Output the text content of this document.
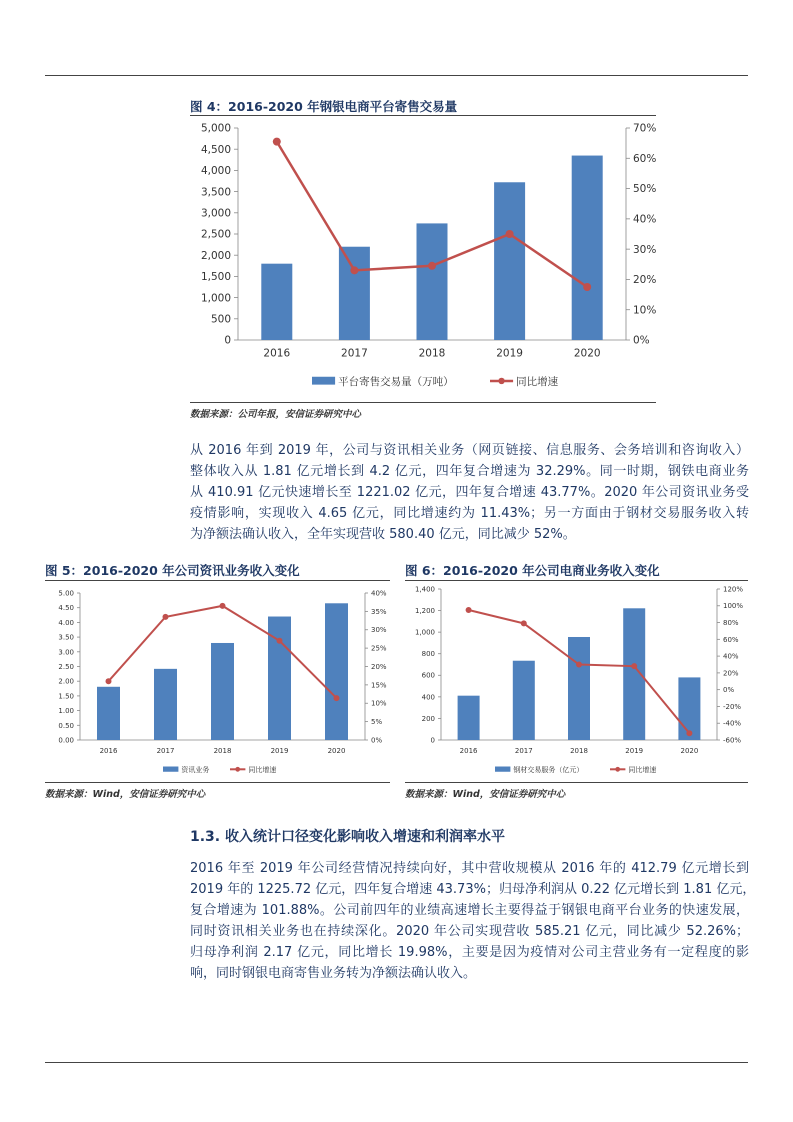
图 4：2016-2020 年钢银电商平台寄售交易量
0
500
1,000
1,500
2,000
2,500
3,000
3,500
4,000
4,500
5,000
0%
10%
20%
30%
40%
50%
60%
70%
2016	2017	2018	2019	2020
平台寄售交易量（万吨）	同比增速
数据来源：公司年报，安信证券研究中心
从 2016 年到 2019 年，公司与资讯相关业务（网页链接、信息服务、会务培训和咨询收入）
整体收入从 1.81 亿元增长到 4.2 亿元，四年复合增速为 32.29%。同一时期，钢铁电商业务
从 410.91 亿元快速增长至 1221.02 亿元，四年复合增速 43.77%。2020 年公司资讯业务受
疫情影响，实现收入 4.65 亿元，同比增速约为 11.43%；另一方面由于钢材交易服务收入转
为净额法确认收入，全年实现营收 580.40 亿元，同比减少 52%。
图 5：2016-2020 年公司资讯业务收入变化
0.00
0.50
1.00
1.50
2.00
2.50
3.00
3.50
4.00
4.50
5.00
0%
5%
10%
15%
20%
25%
30%
35%
40%
2016	2017	2018	2019	2020
资讯业务	同比增速
数据来源：Wind，安信证券研究中心
图 6：2016-2020 年公司电商业务收入变化
0
200
400
600
800
1,000
1,200
1,400
-60%
-40%
-20%
0%
20%
40%
60%
80%
100%
120%
2016	2017	2018	2019	2020
钢材交易服务（亿元）	同比增速
数据来源：Wind，安信证券研究中心
1.3. 收入统计口径变化影响收入增速和利润率水平
2016 年至 2019 年公司经营情况持续向好，其中营收规模从 2016 年的 412.79 亿元增长到
2019 年的 1225.72 亿元，四年复合增速 43.73%；归母净利润从 0.22 亿元增长到 1.81 亿元，
复合增速为 101.88%。公司前四年的业绩高速增长主要得益于钢银电商平台业务的快速发展，
同时资讯相关业务也在持续深化。2020 年公司实现营收 585.21 亿元，同比减少 52.26%；
归母净利润 2.17 亿元，同比增长 19.98%，主要是因为疫情对公司主营业务有一定程度的影
响，同时钢银电商寄售业务转为净额法确认收入。
